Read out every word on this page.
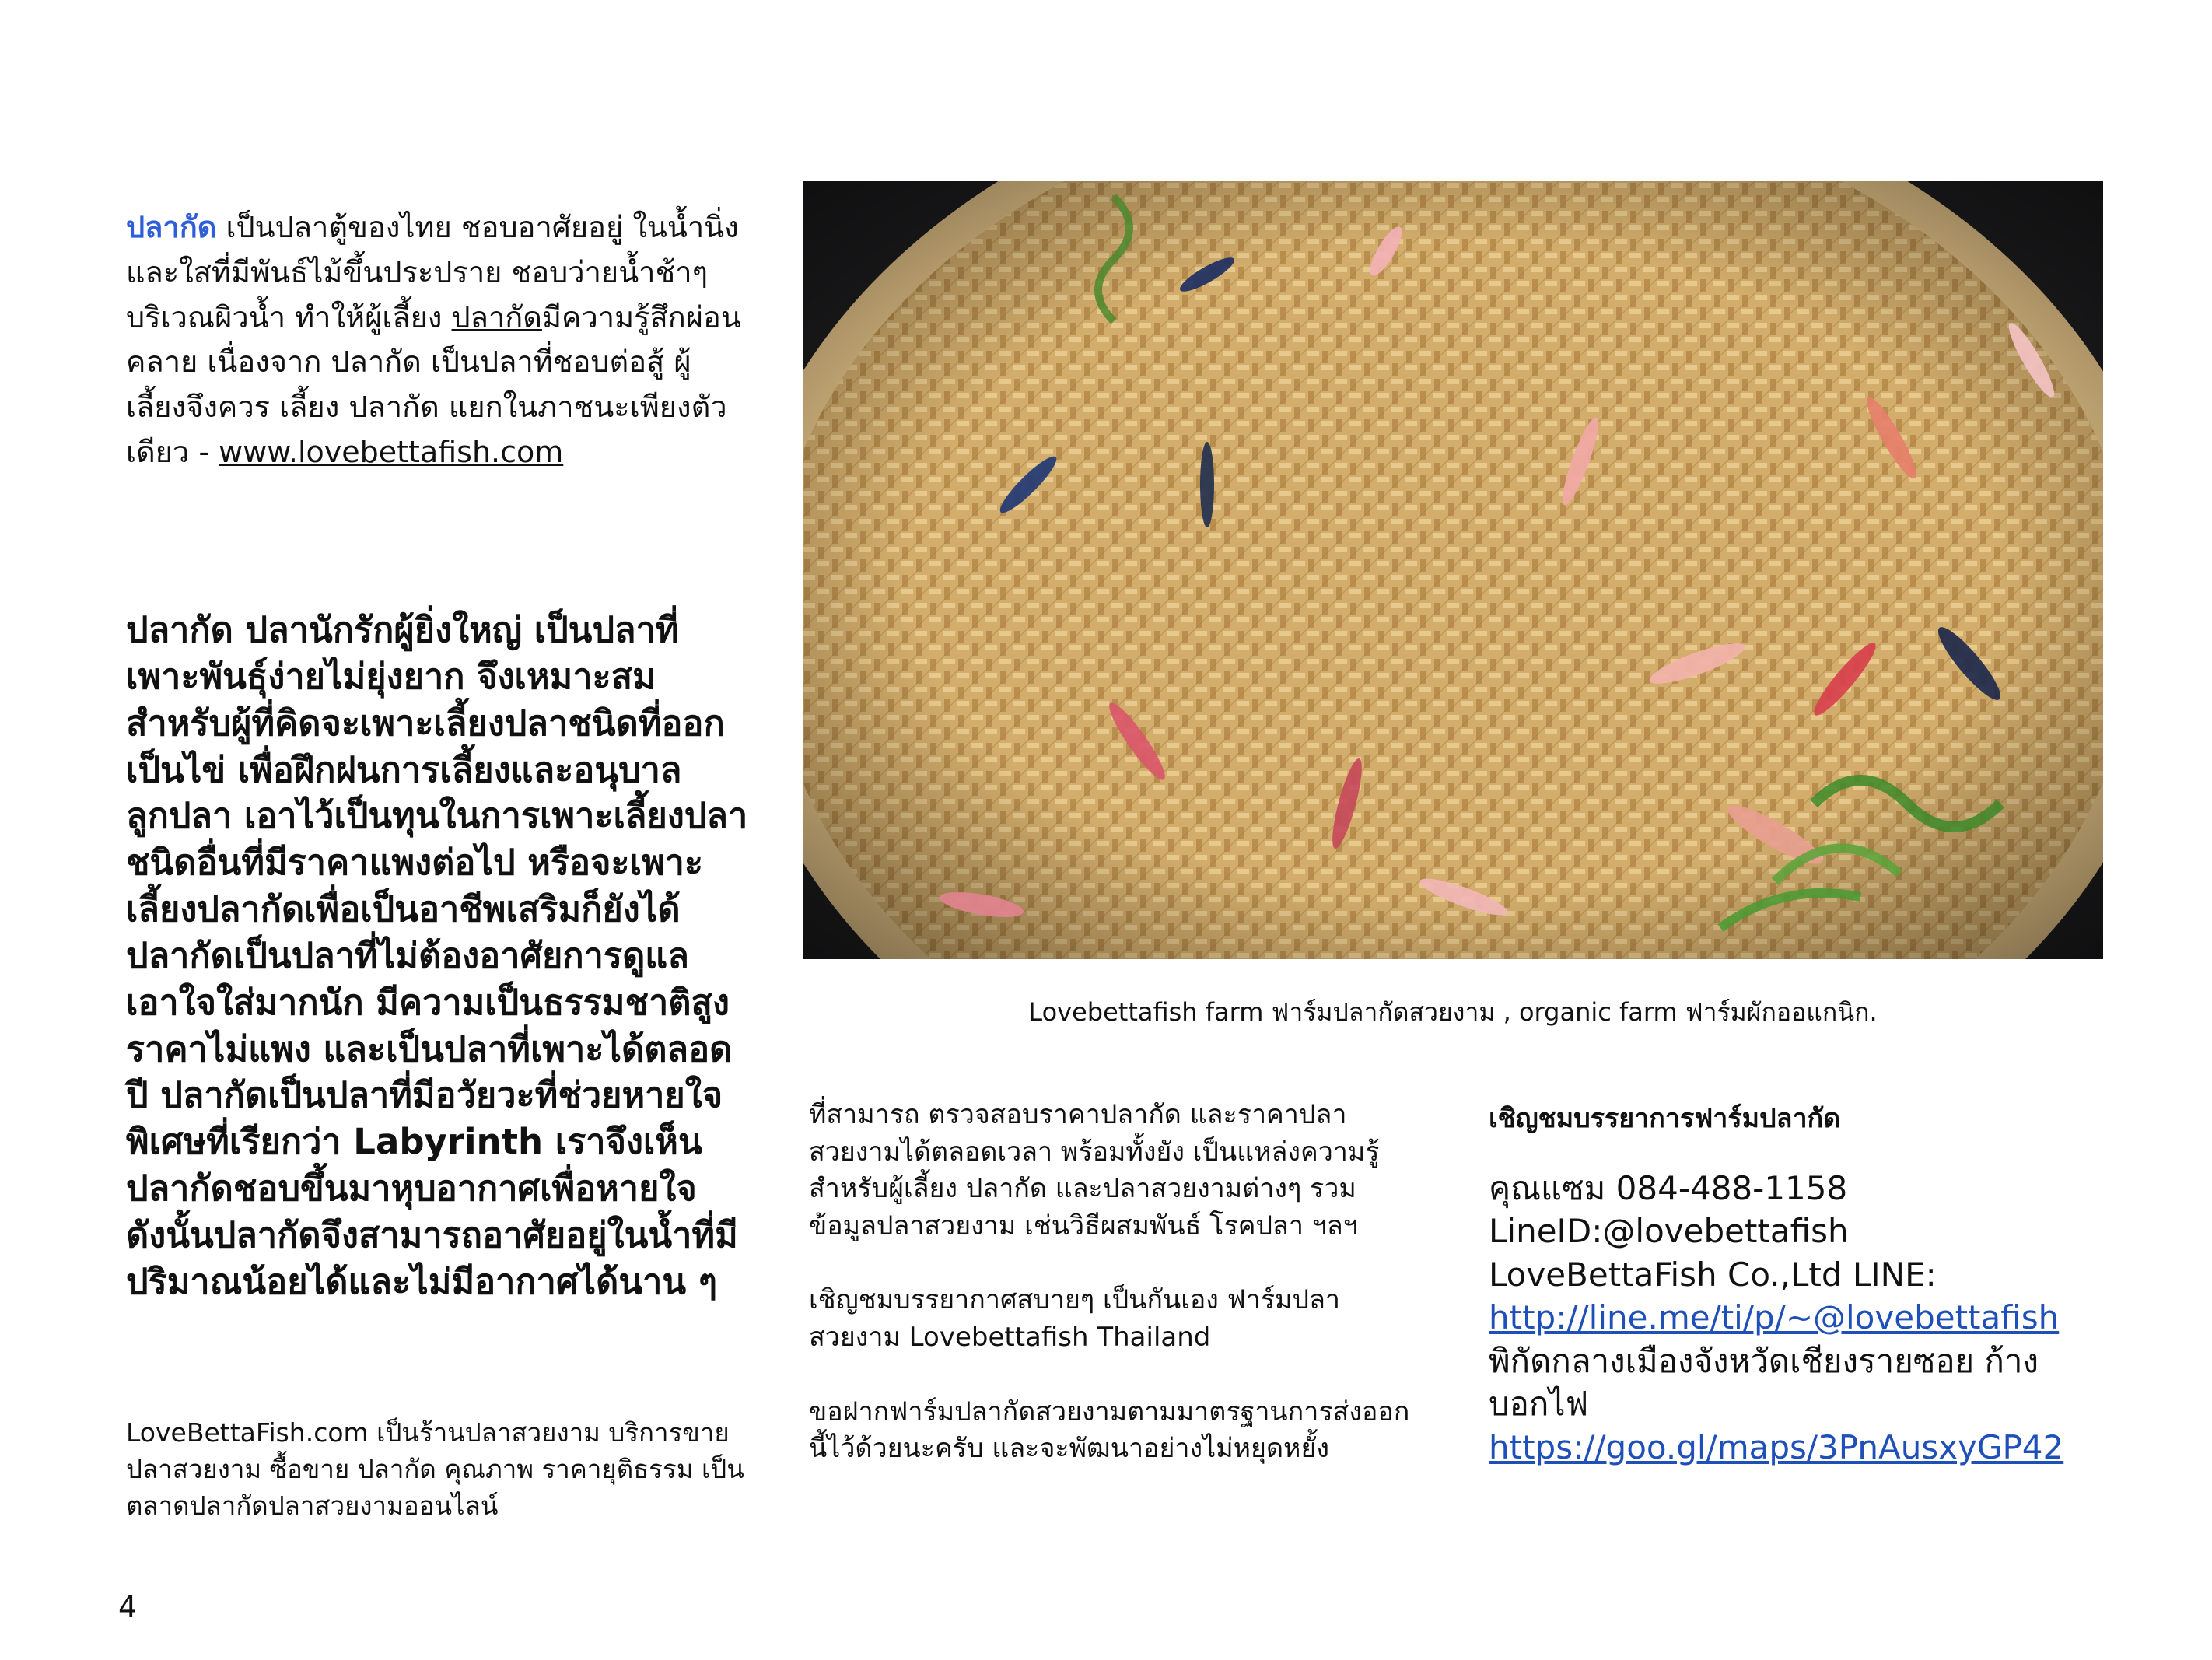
ปลากัด เป็นปลาตู้ของไทย ชอบอาศัยอยู่ ในน้ำนิ่งและใสที่มีพันธ์ไม้ขึ้นประปราย ชอบว่ายน้ำช้าๆบริเวณผิวน้ำ ทำให้ผู้เลี้ยง ปลากัดมีความรู้สึกผ่อนคลาย เนื่องจาก ปลากัด เป็นปลาที่ชอบต่อสู้ ผู้เลี้ยงจึงควร เลี้ยง ปลากัด แยกในภาชนะเพียงตัวเดียว - www.lovebettafish.com

ปลากัด ปลานักรักผู้ยิ่งใหญ่ เป็นปลาที่เพาะพันธุ์ง่ายไม่ยุ่งยาก จึงเหมาะสมสำหรับผู้ที่คิดจะเพาะเลี้ยงปลาชนิดที่ออกเป็นไข่ เพื่อฝึกฝนการเลี้ยงและอนุบาลลูกปลา เอาไว้เป็นทุนในการเพาะเลี้ยงปลาชนิดอื่นที่มีราคาแพงต่อไป หรือจะเพาะเลี้ยงปลากัดเพื่อเป็นอาชีพเสริมก็ยังได้ ปลากัดเป็นปลาที่ไม่ต้องอาศัยการดูแลเอาใจใส่มากนัก มีความเป็นธรรมชาติสูง ราคาไม่แพง และเป็นปลาที่เพาะได้ตลอดปี ปลากัดเป็นปลาที่มีอวัยวะที่ช่วยหายใจพิเศษที่เรียกว่า Labyrinth เราจึงเห็นปลากัดชอบขึ้นมาหุบอากาศเพื่อหายใจ ดังนั้นปลากัดจึงสามารถอาศัยอยู่ในน้ำที่มีปริมาณน้อยได้และไม่มีอากาศได้นาน ๆ

LoveBettaFish.com เป็นร้านปลาสวยงาม บริการขายปลาสวยงาม ซื้อขาย ปลากัด คุณภาพ ราคายุติธรรม เป็นตลาดปลากัดปลาสวยงามออนไลน์

4
Lovebettafish farm ฟาร์มปลากัดสวยงาม , organic farm ฟาร์มผักออแกนิก.

ที่สามารถ ตรวจสอบราคาปลากัด และราคาปลาสวยงามได้ตลอดเวลา พร้อมทั้งยัง เป็นแหล่งความรู้สำหรับผู้เลี้ยง ปลากัด และปลาสวยงามต่างๆ รวมข้อมูลปลาสวยงาม เช่นวิธีผสมพันธ์ โรคปลา ฯลฯ

เชิญชมบรรยากาศสบายๆ เป็นกันเอง ฟาร์มปลาสวยงาม Lovebettafish Thailand

ขอฝากฟาร์มปลากัดสวยงามตามมาตรฐานการส่งออกนี้ไว้ด้วยนะครับ และจะพัฒนาอย่างไม่หยุดหยั้ง

เชิญชมบรรยาการฟาร์มปลากัด

คุณแซม 084-488-1158
LineID:@lovebettafish
LoveBettaFish Co.,Ltd LINE: http://line.me/ti/p/~@lovebettafish
พิกัดกลางเมืองจังหวัดเชียงรายซอย ก้างบอกไฟ
https://goo.gl/maps/3PnAusxyGP42
